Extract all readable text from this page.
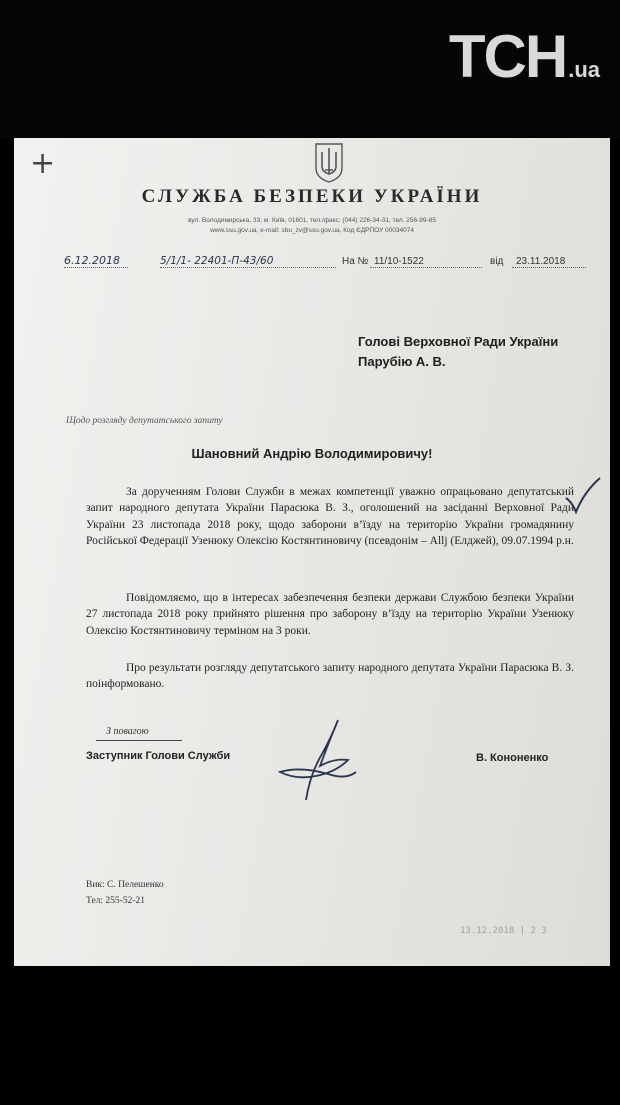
TCH.ua
+
СЛУЖБА БЕЗПЕКИ УКРАЇНИ
вул. Володимирська, 33, м. Київ, 01601, тел./факс: (044) 226-34-31, тел. 256-99-85
www.ssu.gov.ua, e-mail: sbu_zv@ssu.gov.ua, Код ЄДРПОУ 00034074
6.12.2018	5/1/1- 22401-П-43/60	На № 11/10-1522	від 23.11.2018
Голові Верховної Ради України
Парубію А. В.
Щодо розгляду депутатського запиту
Шановний Андрію Володимировичу!
За дорученням Голови Служби в межах компетенції уважно опрацьовано депутатський запит народного депутата України Парасюка В. З., оголошений на засіданні Верховної Ради України 23 листопада 2018 року, щодо заборони в’їзду на територію України громадянину Російської Федерації Узенюку Олексію Костянтиновичу (псевдонім – Allj (Елджей), 09.07.1994 р.н.
Повідомляємо, що в інтересах забезпечення безпеки держави Службою безпеки України 27 листопада 2018 року прийнято рішення про заборону в’їзду на територію України Узенюку Олексію Костянтиновичу терміном на 3 роки.
Про результати розгляду депутатського запиту народного депутата України Парасюка В. З. поінформовано.
З повагою
Заступник Голови Служби	В. Кононенко
Вик: С. Пелешенко
Тел: 255-52-21
13.12.2018 | 2 3
